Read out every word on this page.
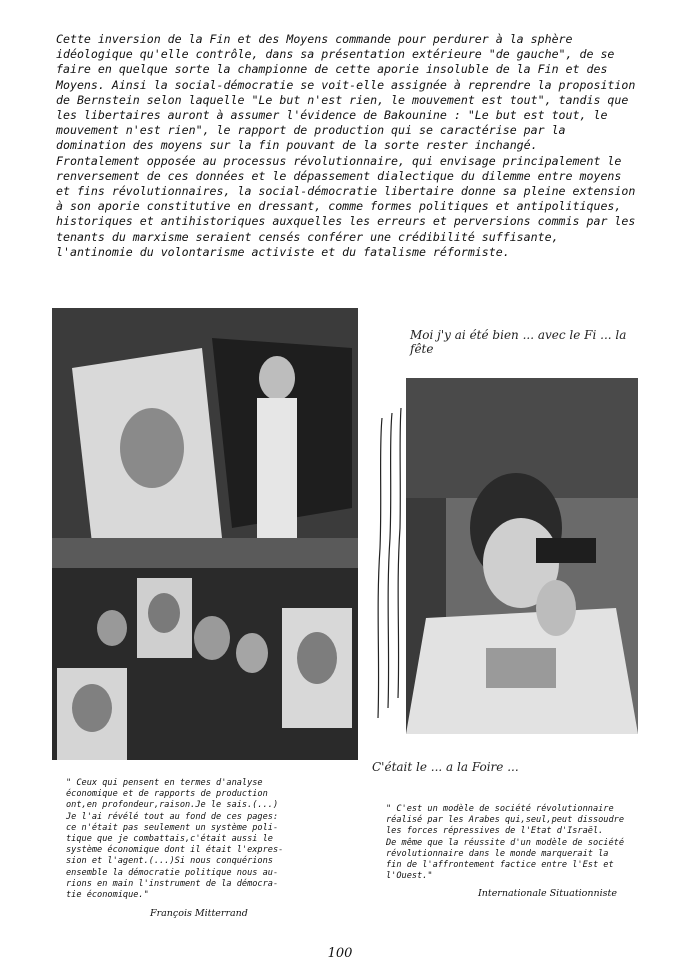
Cette inversion de la Fin et des Moyens commande pour perdurer à la sphère idéologique qu'elle contrôle, dans sa présentation extérieure "de gauche", de se faire en quelque sorte la championne de cette aporie insoluble de la Fin et des Moyens. Ainsi la social-démocratie se voit-elle assignée à reprendre la proposition de Bernstein selon laquelle "Le but n'est rien, le mouvement est tout", tandis que les libertaires auront à assumer l'évidence de Bakounine : "Le but est tout, le mouvement n'est rien", le rapport de production qui se caractérise par la domination des moyens sur la fin pouvant de la sorte rester inchangé.

Frontalement opposée au processus révolutionnaire, qui envisage principalement le renversement de ces données et le dépassement dialectique du dilemme entre moyens et fins révolutionnaires, la social-démocratie libertaire donne sa pleine extension à son aporie constitutive en dressant, comme formes politiques et antipolitiques, historiques et antihistoriques auxquelles les erreurs et perversions commis par les tenants du marxisme seraient censés conférer une crédibilité suffisante, l'antinomie du volontarisme activiste et du fatalisme réformiste.

Moi j'y ai été bien ... avec le Fi ... la fête
C'était le ... a la Foire ...
" Ceux qui pensent en termes d'analyse
économique et de rapports de production
ont,en profondeur,raison.Je le sais.(...)
Je l'ai révélé tout au fond de ces pages:
ce n'était pas seulement un système poli-
tique que je combattais,c'était aussi le
système économique dont il était l'expres-
sion et l'agent.(...)Si nous conquérions
ensemble la démocratie politique nous au-
rions en main l'instrument de la démocra-
tie économique."
François Mitterrand
" C'est un modèle de société révolutionnaire
réalisé par les Arabes qui,seul,peut dissoudre
les forces répressives de l'Etat d'Israël.
De même que la réussite d'un modèle de société
révolutionnaire dans le monde marquerait la
fin de l'affrontement factice entre l'Est et
l'Ouest."
Internationale Situationniste
100
